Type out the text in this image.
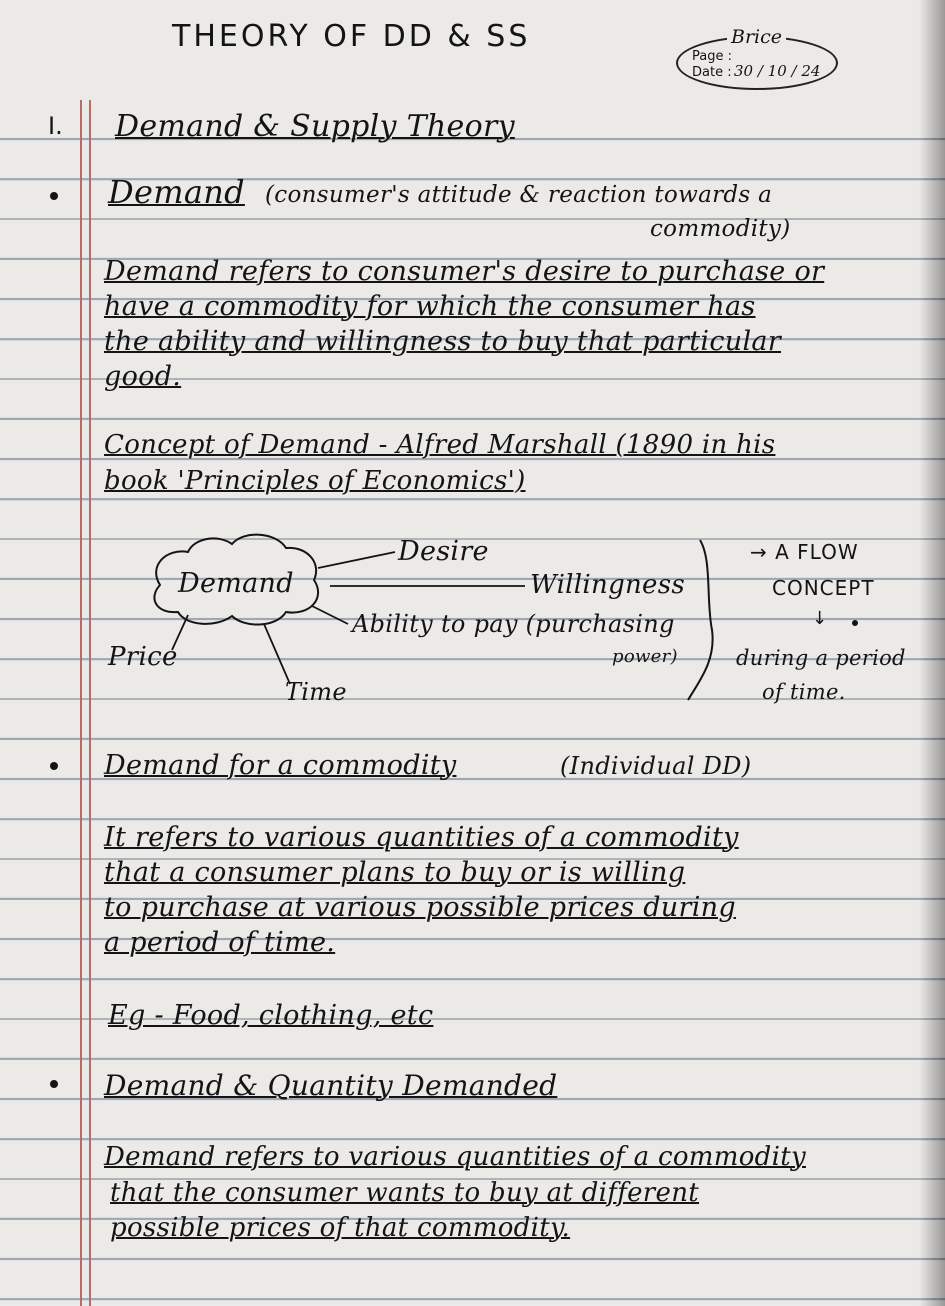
THEORY OF DD & SS	Brice
Page :
Date : 30 / 10 / 24
I. Demand & Supply Theory
Demand (consumer's attitude & reaction towards a
commodity)
Demand refers to consumer's desire to purchase or
have a commodity for which the consumer has
the ability and willingness to buy that particular
good.
Concept of Demand - Alfred Marshall (1890 in his
book 'Principles of Economics')
Demand
Desire
Willingness
Ability to pay (purchasing
power)
Price
Time
→ A FLOW
CONCEPT
↓
during a period
of time.
Demand for a commodity	(Individual DD)
It refers to various quantities of a commodity
that a consumer plans to buy or is willing
to purchase at various possible prices during
a period of time.
Eg - Food, clothing, etc
Demand & Quantity Demanded
Demand refers to various quantities of a commodity
that the consumer wants to buy at different
possible prices of that commodity.
